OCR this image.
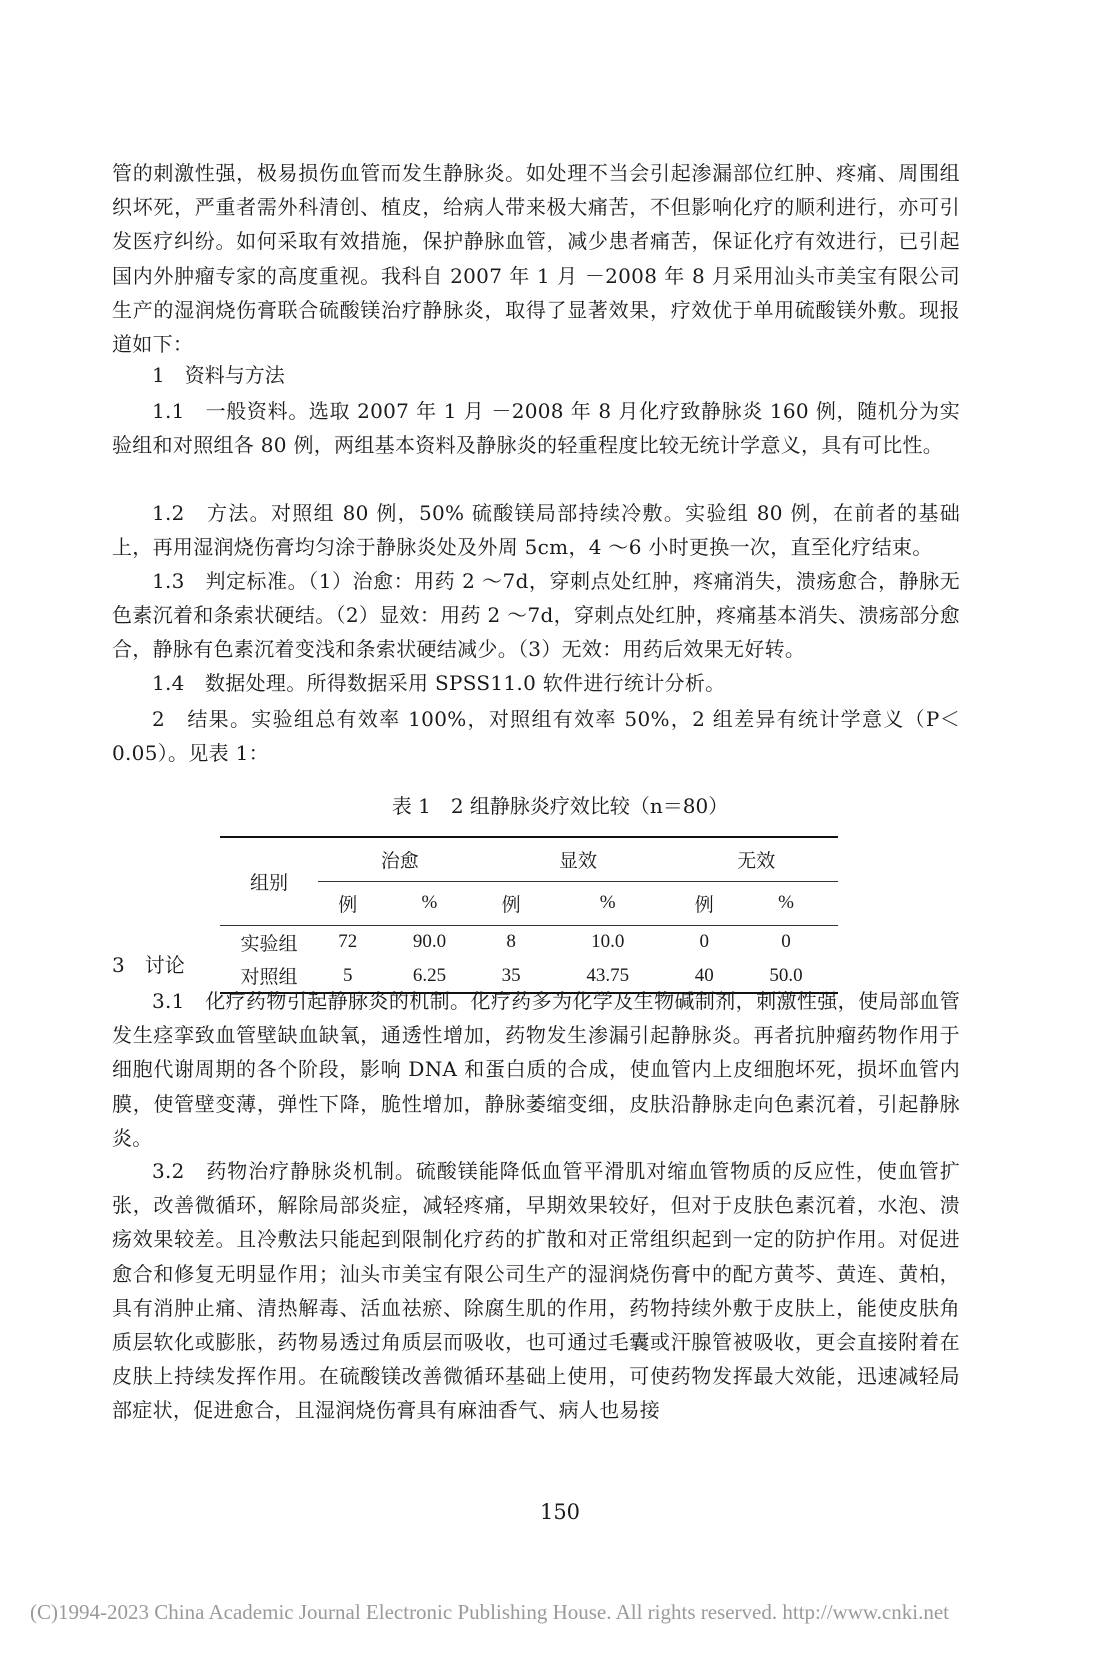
管的刺激性强，极易损伤血管而发生静脉炎。如处理不当会引起渗漏部位红肿、疼痛、周围组织坏死，严重者需外科清创、植皮，给病人带来极大痛苦，不但影响化疗的顺利进行，亦可引发医疗纠纷。如何采取有效措施，保护静脉血管，减少患者痛苦，保证化疗有效进行，已引起国内外肿瘤专家的高度重视。我科自 2007 年 1 月 －2008 年 8 月采用汕头市美宝有限公司生产的湿润烧伤膏联合硫酸镁治疗静脉炎，取得了显著效果，疗效优于单用硫酸镁外敷。现报道如下：
1　资料与方法
1.1　一般资料。选取 2007 年 1 月 －2008 年 8 月化疗致静脉炎 160 例，随机分为实验组和对照组各 80 例，两组基本资料及静脉炎的轻重程度比较无统计学意义，具有可比性。
1.2　方法。对照组 80 例，50% 硫酸镁局部持续冷敷。实验组 80 例，在前者的基础上，再用湿润烧伤膏均匀涂于静脉炎处及外周 5cm，4 ～6 小时更换一次，直至化疗结束。
1.3　判定标准。（1）治愈：用药 2 ～7d，穿刺点处红肿，疼痛消失，溃疡愈合，静脉无色素沉着和条索状硬结。（2）显效：用药 2 ～7d，穿刺点处红肿，疼痛基本消失、溃疡部分愈合，静脉有色素沉着变浅和条索状硬结减少。（3）无效：用药后效果无好转。
1.4　数据处理。所得数据采用 SPSS11.0 软件进行统计分析。
2　结果。实验组总有效率 100%，对照组有效率 50%，2 组差异有统计学意义（P＜0.05）。见表 1：
表 1　2 组静脉炎疗效比较（n＝80）
组别	治愈		显效		无效	
	例	%	例	%	例	%
实验组	72	90.0	8	10.0	0	0
对照组	5	6.25	35	43.75	40	50.0
3　讨论
3.1　化疗药物引起静脉炎的机制。化疗药多为化学及生物碱制剂，刺激性强，使局部血管发生痉挛致血管壁缺血缺氧，通透性增加，药物发生渗漏引起静脉炎。再者抗肿瘤药物作用于细胞代谢周期的各个阶段，影响 DNA 和蛋白质的合成，使血管内上皮细胞坏死，损坏血管内膜，使管壁变薄，弹性下降，脆性增加，静脉萎缩变细，皮肤沿静脉走向色素沉着，引起静脉炎。
3.2　药物治疗静脉炎机制。硫酸镁能降低血管平滑肌对缩血管物质的反应性，使血管扩张，改善微循环，解除局部炎症，减轻疼痛，早期效果较好，但对于皮肤色素沉着，水泡、溃疡效果较差。且冷敷法只能起到限制化疗药的扩散和对正常组织起到一定的防护作用。对促进愈合和修复无明显作用；汕头市美宝有限公司生产的湿润烧伤膏中的配方黄芩、黄连、黄柏，具有消肿止痛、清热解毒、活血祛瘀、除腐生肌的作用，药物持续外敷于皮肤上，能使皮肤角质层软化或膨胀，药物易透过角质层而吸收，也可通过毛囊或汗腺管被吸收，更会直接附着在皮肤上持续发挥作用。在硫酸镁改善微循环基础上使用，可使药物发挥最大效能，迅速减轻局部症状，促进愈合，且湿润烧伤膏具有麻油香气、病人也易接
150
(C)1994-2023 China Academic Journal Electronic Publishing House. All rights reserved. http://www.cnki.net
